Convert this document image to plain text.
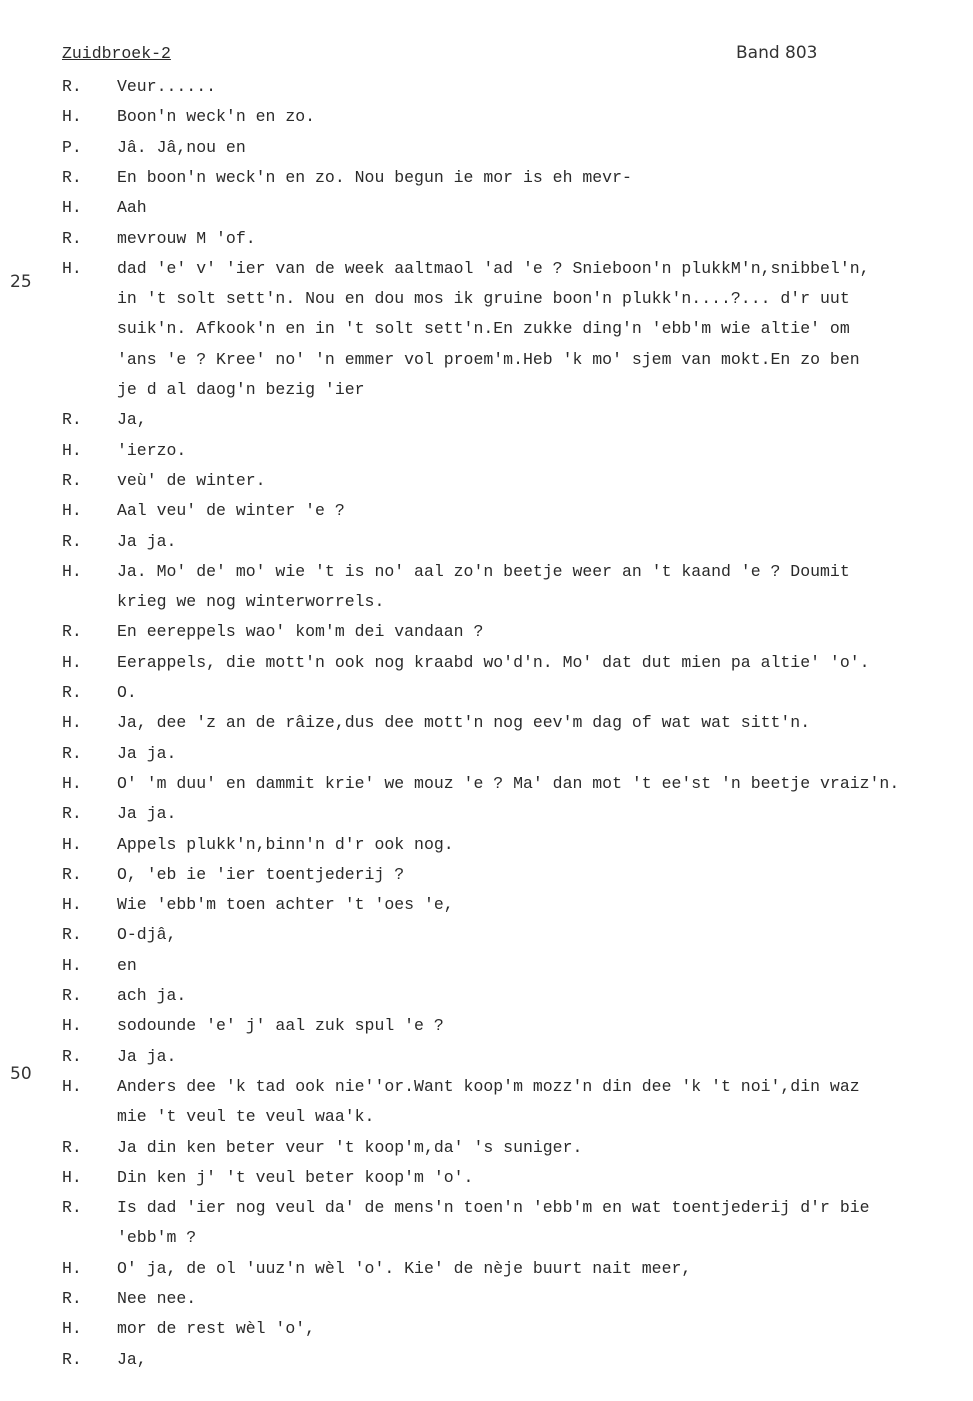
Zuidbroek-2	Band 803
25
50
R. Veur......
H. Boon'n weck'n en zo.
P. Jâ. Jâ,nou en
R. En boon'n weck'n en zo. Nou begun ie mor is eh mevr-
H. Aah
R. mevrouw M 'of.
H. dad 'e' v' 'ier van de week aaltmaol 'ad 'e ? Snieboon'n plukkM'n,snibbel'n,
in 't solt sett'n. Nou en dou mos ik gruine boon'n plukk'n....?... d'r uut
suik'n. Afkook'n en in 't solt sett'n.En zukke ding'n 'ebb'm wie altie' om
'ans 'e ? Kree' no' 'n emmer vol proem'm.Heb 'k mo' sjem van mokt.En zo ben
je d al daog'n bezig 'ier
R. Ja,
H. 'ierzo.
R. veù' de winter.
H. Aal veu' de winter 'e ?
R. Ja ja.
H. Ja. Mo' de' mo' wie 't is no' aal zo'n beetje weer an 't kaand 'e ? Doumit
krieg we nog winterworrels.
R. En eereppels wao' kom'm dei vandaan ?
H. Eerappels, die mott'n ook nog kraabd wo'd'n. Mo' dat dut mien pa altie' 'o'.
R. O.
H. Ja, dee 'z an de râize,dus dee mott'n nog eev'm dag of wat wat sitt'n.
R. Ja ja.
H. O' 'm duu' en dammit krie' we mouz 'e ? Ma' dan mot 't ee'st 'n beetje vraiz'n.
R. Ja ja.
H. Appels plukk'n,binn'n d'r ook nog.
R. O, 'eb ie 'ier toentjederij ?
H. Wie 'ebb'm toen achter 't 'oes 'e,
R. O-djâ,
H. en
R. ach ja.
H. sodounde 'e' j' aal zuk spul 'e ?
R. Ja ja.
H. Anders dee 'k tad ook nie''or.Want koop'm mozz'n din dee 'k 't noi',din waz
mie 't veul te veul waa'k.
R. Ja din ken beter veur 't koop'm,da' 's suniger.
H. Din ken j' 't veul beter koop'm 'o'.
R. Is dad 'ier nog veul da' de mens'n toen'n 'ebb'm en wat toentjederij d'r bie
'ebb'm ?
H. O' ja, de ol 'uuz'n wèl 'o'. Kie' de nèje buurt nait meer,
R. Nee nee.
H. mor de rest wèl 'o',
R. Ja,
